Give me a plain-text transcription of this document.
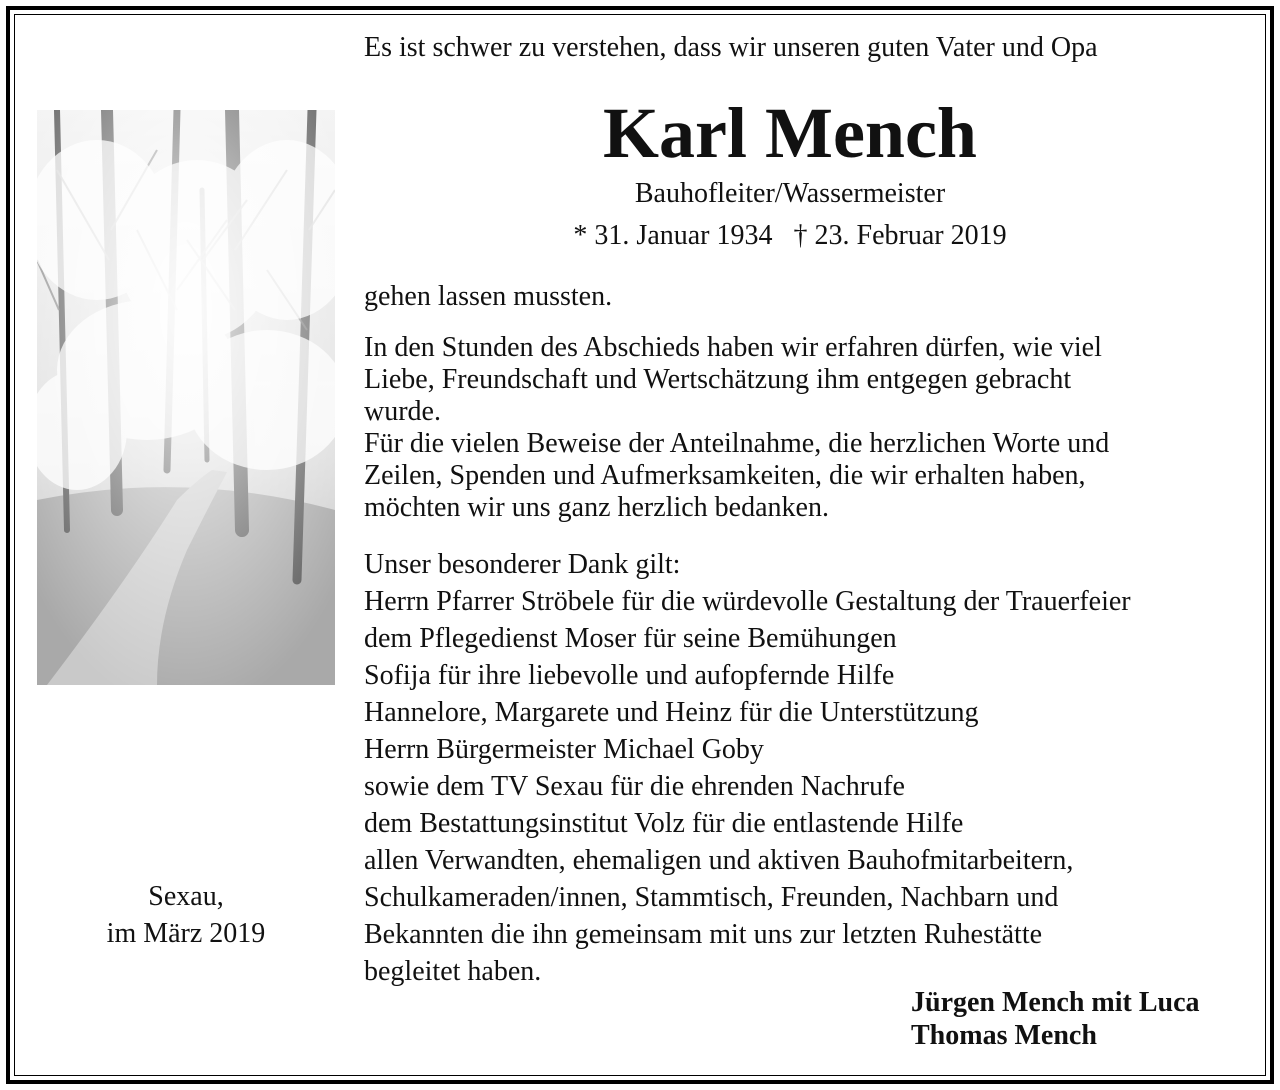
Es ist schwer zu verstehen, dass wir unseren guten Vater und Opa
Karl Mench
Bauhofleiter/Wassermeister
* 31. Januar 1934 † 23. Februar 2019
gehen lassen mussten.
In den Stunden des Abschieds haben wir erfahren dürfen, wie viel
Liebe, Freundschaft und Wertschätzung ihm entgegen gebracht
wurde.
Für die vielen Beweise der Anteilnahme, die herzlichen Worte und
Zeilen, Spenden und Aufmerksamkeiten, die wir erhalten haben,
möchten wir uns ganz herzlich bedanken.
Unser besonderer Dank gilt:
Herrn Pfarrer Ströbele für die würdevolle Gestaltung der Trauerfeier
dem Pflegedienst Moser für seine Bemühungen
Sofija für ihre liebevolle und aufopfernde Hilfe
Hannelore, Margarete und Heinz für die Unterstützung
Herrn Bürgermeister Michael Goby
sowie dem TV Sexau für die ehrenden Nachrufe
dem Bestattungsinstitut Volz für die entlastende Hilfe
allen Verwandten, ehemaligen und aktiven Bauhofmitarbeitern,
Schulkameraden/innen, Stammtisch, Freunden, Nachbarn und
Bekannten die ihn gemeinsam mit uns zur letzten Ruhestätte
begleitet haben.
Sexau,
im März 2019
Jürgen Mench mit Luca
Thomas Mench
